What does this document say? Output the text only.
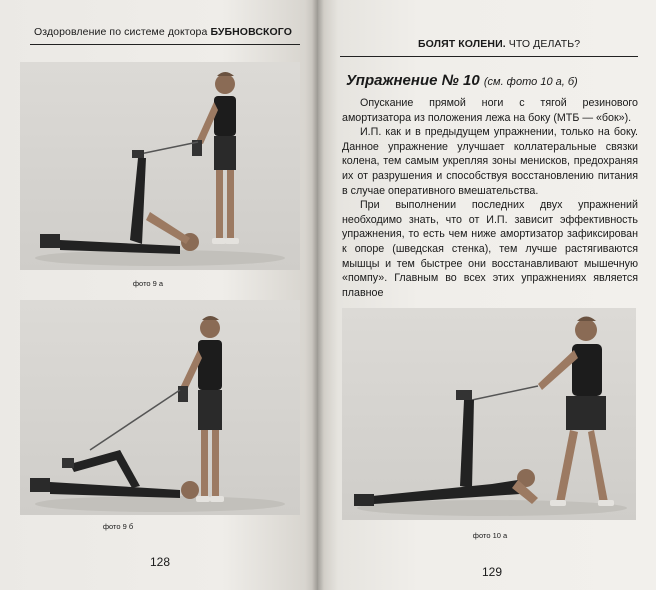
Оздоровление по системе доктора БУБНОВСКОГО
фото 9 а
фото 9 б
128
БОЛЯТ КОЛЕНИ. ЧТО ДЕЛАТЬ?
Упражнение № 10 (см. фото 10 а, б)

Опускание прямой ноги с тягой резинового амортизатора из положения лежа на боку (МТБ — «бок»).

И.П. как и в предыдущем упражнении, только на боку. Данное упражнение улучшает коллатеральные связки колена, тем самым укрепляя зоны менисков, предохраняя их от разрушения и способствуя восстановлению питания в случае оперативного вмешательства.

При выполнении последних двух упражнений необходимо знать, что от И.П. зависит эффективность упражнения, то есть чем ниже амортизатор зафиксирован к опоре (шведская стенка), тем лучше растягиваются мышцы и тем быстрее они восстанавливают мышечную «помпу». Главным во всех этих упражнениях является плавное

фото 10 а
129
